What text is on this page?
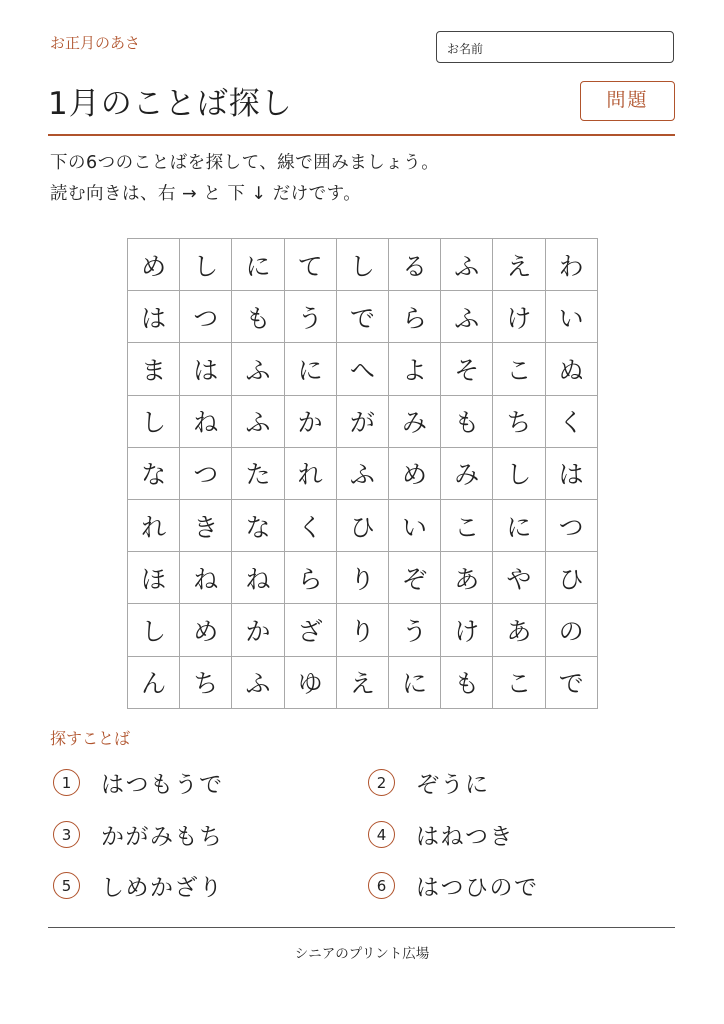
お正月のあさ	お名前
1月のことば探し	問題
下の6つのことばを探して、線で囲みましょう。
読む向きは、右 → と 下 ↓ だけです。
め	し	に	て	し	る	ふ	え	わ
は	つ	も	う	で	ら	ふ	け	い
ま	は	ふ	に	へ	よ	そ	こ	ぬ
し	ね	ふ	か	が	み	も	ち	く
な	つ	た	れ	ふ	め	み	し	は
れ	き	な	く	ひ	い	こ	に	つ
ほ	ね	ね	ら	り	ぞ	あ	や	ひ
し	め	か	ざ	り	う	け	あ	の
ん	ち	ふ	ゆ	え	に	も	こ	で
探すことば
1	はつもうで	2	ぞうに
3	かがみもち	4	はねつき
5	しめかざり	6	はつひので
シニアのプリント広場
